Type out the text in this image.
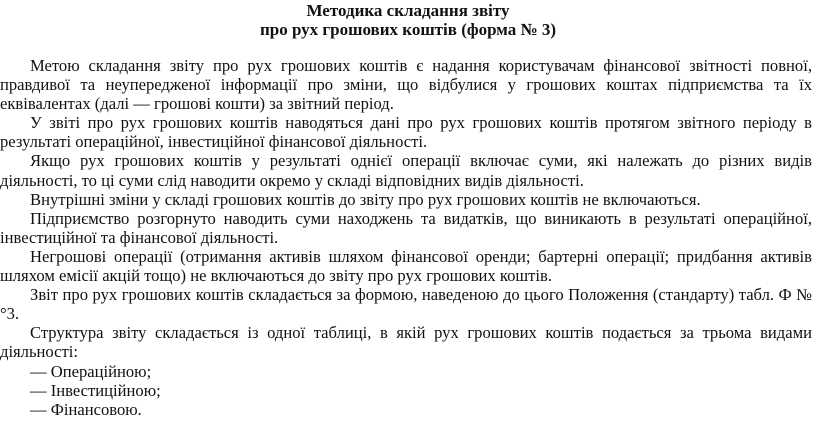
Методика складання звіту
про рух грошових коштів (форма № 3)

Метою складання звіту про рух грошових коштів є надання користувачам фінансової звітності повної, правдивої та неупередженої інформації про зміни, що відбулися у грошових коштах підприємства та їх еквівалентах (далі — грошові кошти) за звітний період.

У звіті про рух грошових коштів наводяться дані про рух грошових коштів протягом звітного періоду в результаті операційної, інвестиційної фінансової діяльності.

Якщо рух грошових коштів у результаті однієї операції включає суми, які належать до різних видів діяльності, то ці суми слід наводити окремо у складі відповідних видів діяльності.

Внутрішні зміни у складі грошових коштів до звіту про рух грошових коштів не включаються.

Підприємство розгорнуто наводить суми находжень та видатків, що виникають в результаті операційної, інвестиційної та фінансової діяльності.

Негрошові операції (отримання активів шляхом фінансової оренди; бартерні операції; придбання активів шляхом емісії акцій тощо) не включаються до звіту про рух грошових коштів.

Звіт про рух грошових коштів складається за формою, наведеною до цього Положення (стандарту) табл. Ф №°3.

Структура звіту складається із одної таблиці, в якій рух грошових коштів подається за трьома видами діяльності:

— Операційною;
— Інвестиційною;
— Фінансовою.
